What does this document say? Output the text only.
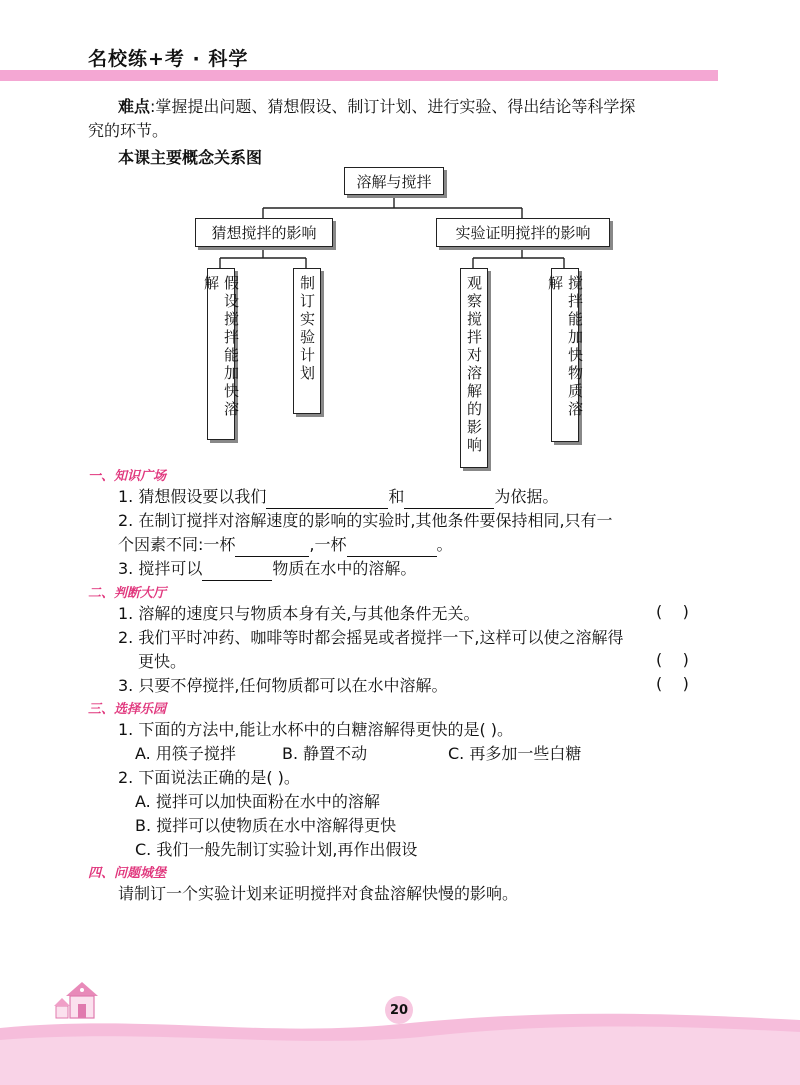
名校练+考 · 科学
难点:掌握提出问题、猜想假设、制订计划、进行实验、得出结论等科学探
究的环节。
本课主要概念关系图
溶解与搅拌
猜想搅拌的影响	实验证明搅拌的影响
假设搅拌能加快溶解	制订实验计划	观察搅拌对溶解的影响	搅拌能加快物质溶解
一、知识广场
1. 猜想假设要以我们	和	为依据。
2. 在制订搅拌对溶解速度的影响的实验时,其他条件要保持相同,只有一
个因素不同:一杯	,一杯	。
3. 搅拌可以	物质在水中的溶解。
二、判断大厅
1. 溶解的速度只与物质本身有关,与其他条件无关。	(    )
2. 我们平时冲药、咖啡等时都会摇晃或者搅拌一下,这样可以使之溶解得
更快。	(    )
3. 只要不停搅拌,任何物质都可以在水中溶解。	(    )
三、选择乐园
1. 下面的方法中,能让水杯中的白糖溶解得更快的是( )。
A. 用筷子搅拌	B. 静置不动	C. 再多加一些白糖
2. 下面说法正确的是( )。
A. 搅拌可以加快面粉在水中的溶解
B. 搅拌可以使物质在水中溶解得更快
C. 我们一般先制订实验计划,再作出假设
四、问题城堡
请制订一个实验计划来证明搅拌对食盐溶解快慢的影响。
20
